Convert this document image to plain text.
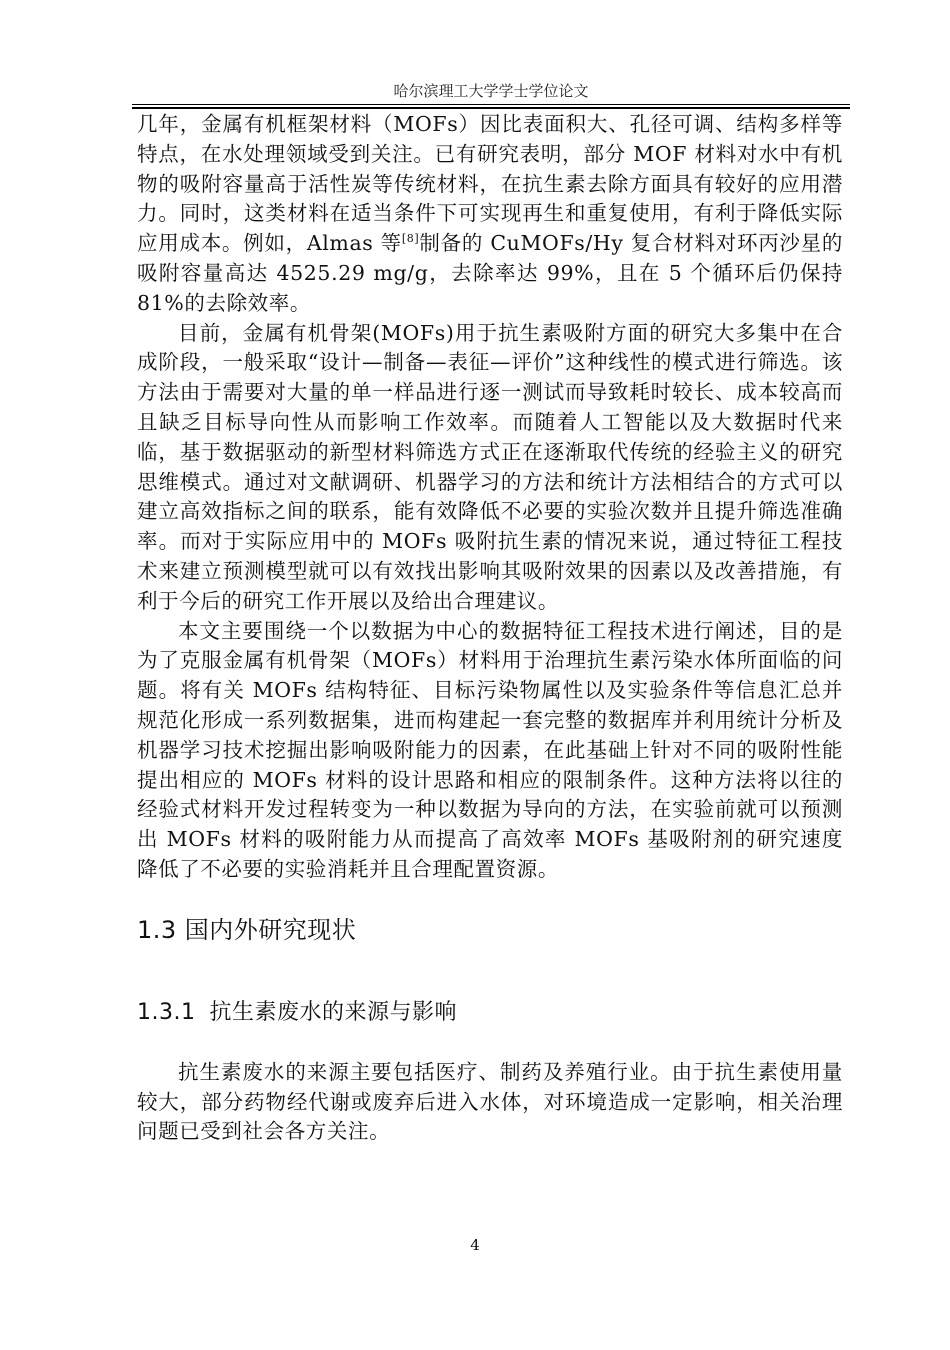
哈尔滨理工大学学士学位论文

几年，金属有机框架材料（MOFs）因比表面积大、孔径可调、结构多样等特点，在水处理领域受到关注。已有研究表明，部分 MOF 材料对水中有机物的吸附容量高于活性炭等传统材料，在抗生素去除方面具有较好的应用潜力。同时，这类材料在适当条件下可实现再生和重复使用，有利于降低实际应用成本。例如，Almas 等[8]制备的 CuMOFs/Hy 复合材料对环丙沙星的吸附容量高达 4525.29 mg/g，去除率达 99%，且在 5 个循环后仍保持 81%的去除效率。

目前，金属有机骨架(MOFs)用于抗生素吸附方面的研究大多集中在合成阶段，一般采取“设计—制备—表征—评价”这种线性的模式进行筛选。该方法由于需要对大量的单一样品进行逐一测试而导致耗时较长、成本较高而且缺乏目标导向性从而影响工作效率。而随着人工智能以及大数据时代来临，基于数据驱动的新型材料筛选方式正在逐渐取代传统的经验主义的研究思维模式。通过对文献调研、机器学习的方法和统计方法相结合的方式可以建立高效指标之间的联系，能有效降低不必要的实验次数并且提升筛选准确率。而对于实际应用中的 MOFs 吸附抗生素的情况来说，通过特征工程技术来建立预测模型就可以有效找出影响其吸附效果的因素以及改善措施，有利于今后的研究工作开展以及给出合理建议。

本文主要围绕一个以数据为中心的数据特征工程技术进行阐述，目的是为了克服金属有机骨架（MOFs）材料用于治理抗生素污染水体所面临的问题。将有关 MOFs 结构特征、目标污染物属性以及实验条件等信息汇总并规范化形成一系列数据集，进而构建起一套完整的数据库并利用统计分析及机器学习技术挖掘出影响吸附能力的因素，在此基础上针对不同的吸附性能提出相应的 MOFs 材料的设计思路和相应的限制条件。这种方法将以往的经验式材料开发过程转变为一种以数据为导向的方法，在实验前就可以预测出 MOFs 材料的吸附能力从而提高了高效率 MOFs 基吸附剂的研究速度降低了不必要的实验消耗并且合理配置资源。

1.3 国内外研究现状
1.3.1 抗生素废水的来源与影响

抗生素废水的来源主要包括医疗、制药及养殖行业。由于抗生素使用量较大，部分药物经代谢或废弃后进入水体，对环境造成一定影响，相关治理问题已受到社会各方关注。

4
